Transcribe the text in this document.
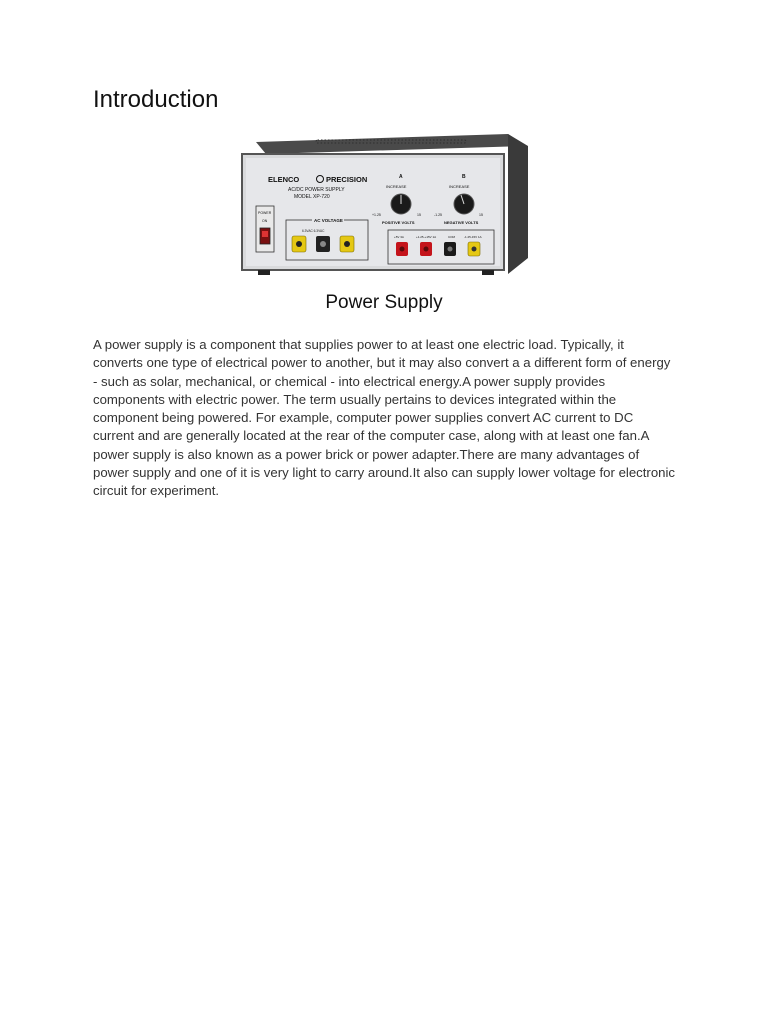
Introduction
ELENCO	PRECISION
AC/DC POWER SUPPLY
MODEL XP-720
POWER
ON	AC VOLTAGE
6.3VAC 6.3VAC
A
INCREASE
+1.25	15
POSITIVE VOLTS
B
INCREASE
-1.25	15
NEGATIVE VOLTS
+5V 3A	+1.25-+15V 1A	COM	-1.25-15V 1A
Power Supply

A power supply is a component that supplies power to at least one electric load. Typically, it converts one type of electrical power to another, but it may also convert a a different form of energy - such as solar, mechanical, or chemical - into electrical energy.A power supply provides components with electric power. The term usually pertains to devices integrated within the component being powered. For example, computer power supplies convert AC current to DC current and are generally located at the rear of the computer case, along with at least one fan.A power supply is also known as a power brick or power adapter.There are many advantages of power supply and one of it is very light to carry around.It also can supply lower voltage for electronic circuit for experiment.
